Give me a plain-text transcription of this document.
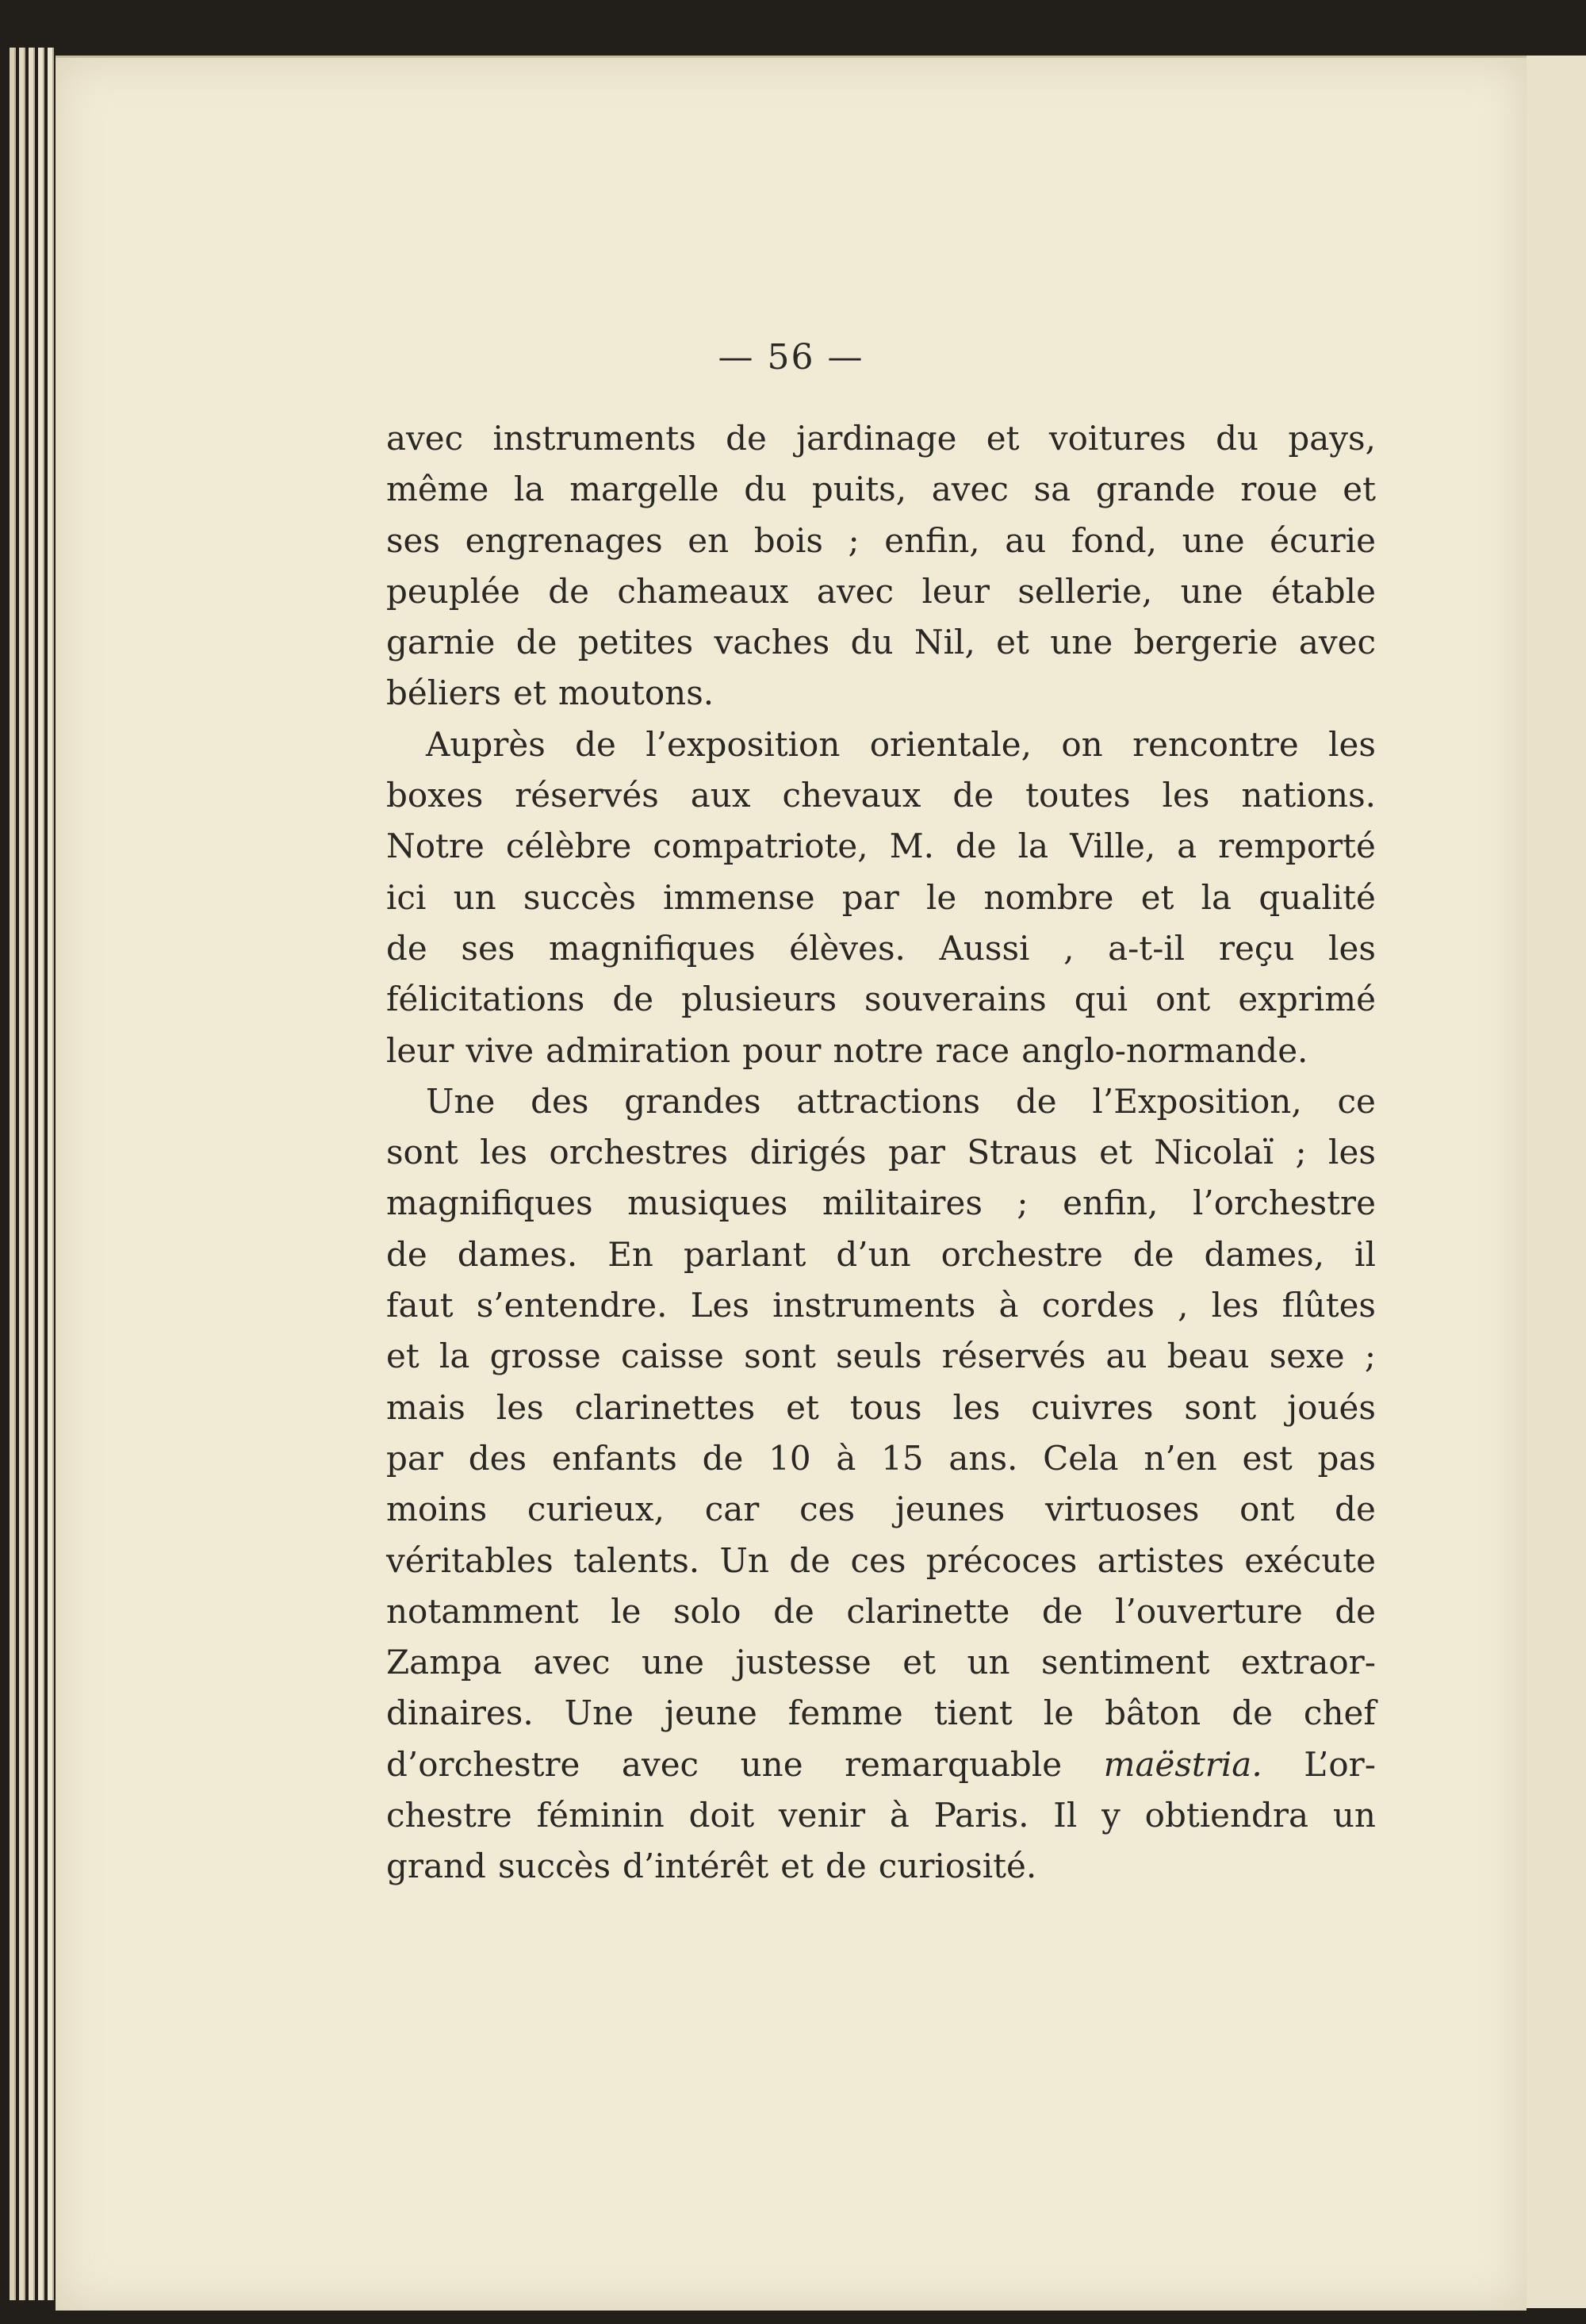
— 56 —
avec instruments de jardinage et voitures du pays,
même la margelle du puits, avec sa grande roue et
ses engrenages en bois ; enfin, au fond, une écurie
peuplée de chameaux avec leur sellerie, une étable
garnie de petites vaches du Nil, et une bergerie avec
béliers et moutons.
Auprès de l’exposition orientale, on rencontre les
boxes réservés aux chevaux de toutes les nations.
Notre célèbre compatriote, M. de la Ville, a remporté
ici un succès immense par le nombre et la qualité
de ses magnifiques élèves. Aussi , a-t-il reçu les
félicitations de plusieurs souverains qui ont exprimé
leur vive admiration pour notre race anglo-normande.
Une des grandes attractions de l’Exposition, ce
sont les orchestres dirigés par Straus et Nicolaï ; les
magnifiques musiques militaires ; enfin, l’orchestre
de dames. En parlant d’un orchestre de dames, il
faut s’entendre. Les instruments à cordes , les flûtes
et la grosse caisse sont seuls réservés au beau sexe ;
mais les clarinettes et tous les cuivres sont joués
par des enfants de 10 à 15 ans. Cela n’en est pas
moins curieux, car ces jeunes virtuoses ont de
véritables talents. Un de ces précoces artistes exécute
notamment le solo de clarinette de l’ouverture de
Zampa avec une justesse et un sentiment extraor-
dinaires. Une jeune femme tient le bâton de chef
d’orchestre avec une remarquable maëstria. L’or-
chestre féminin doit venir à Paris. Il y obtiendra un
grand succès d’intérêt et de curiosité.
